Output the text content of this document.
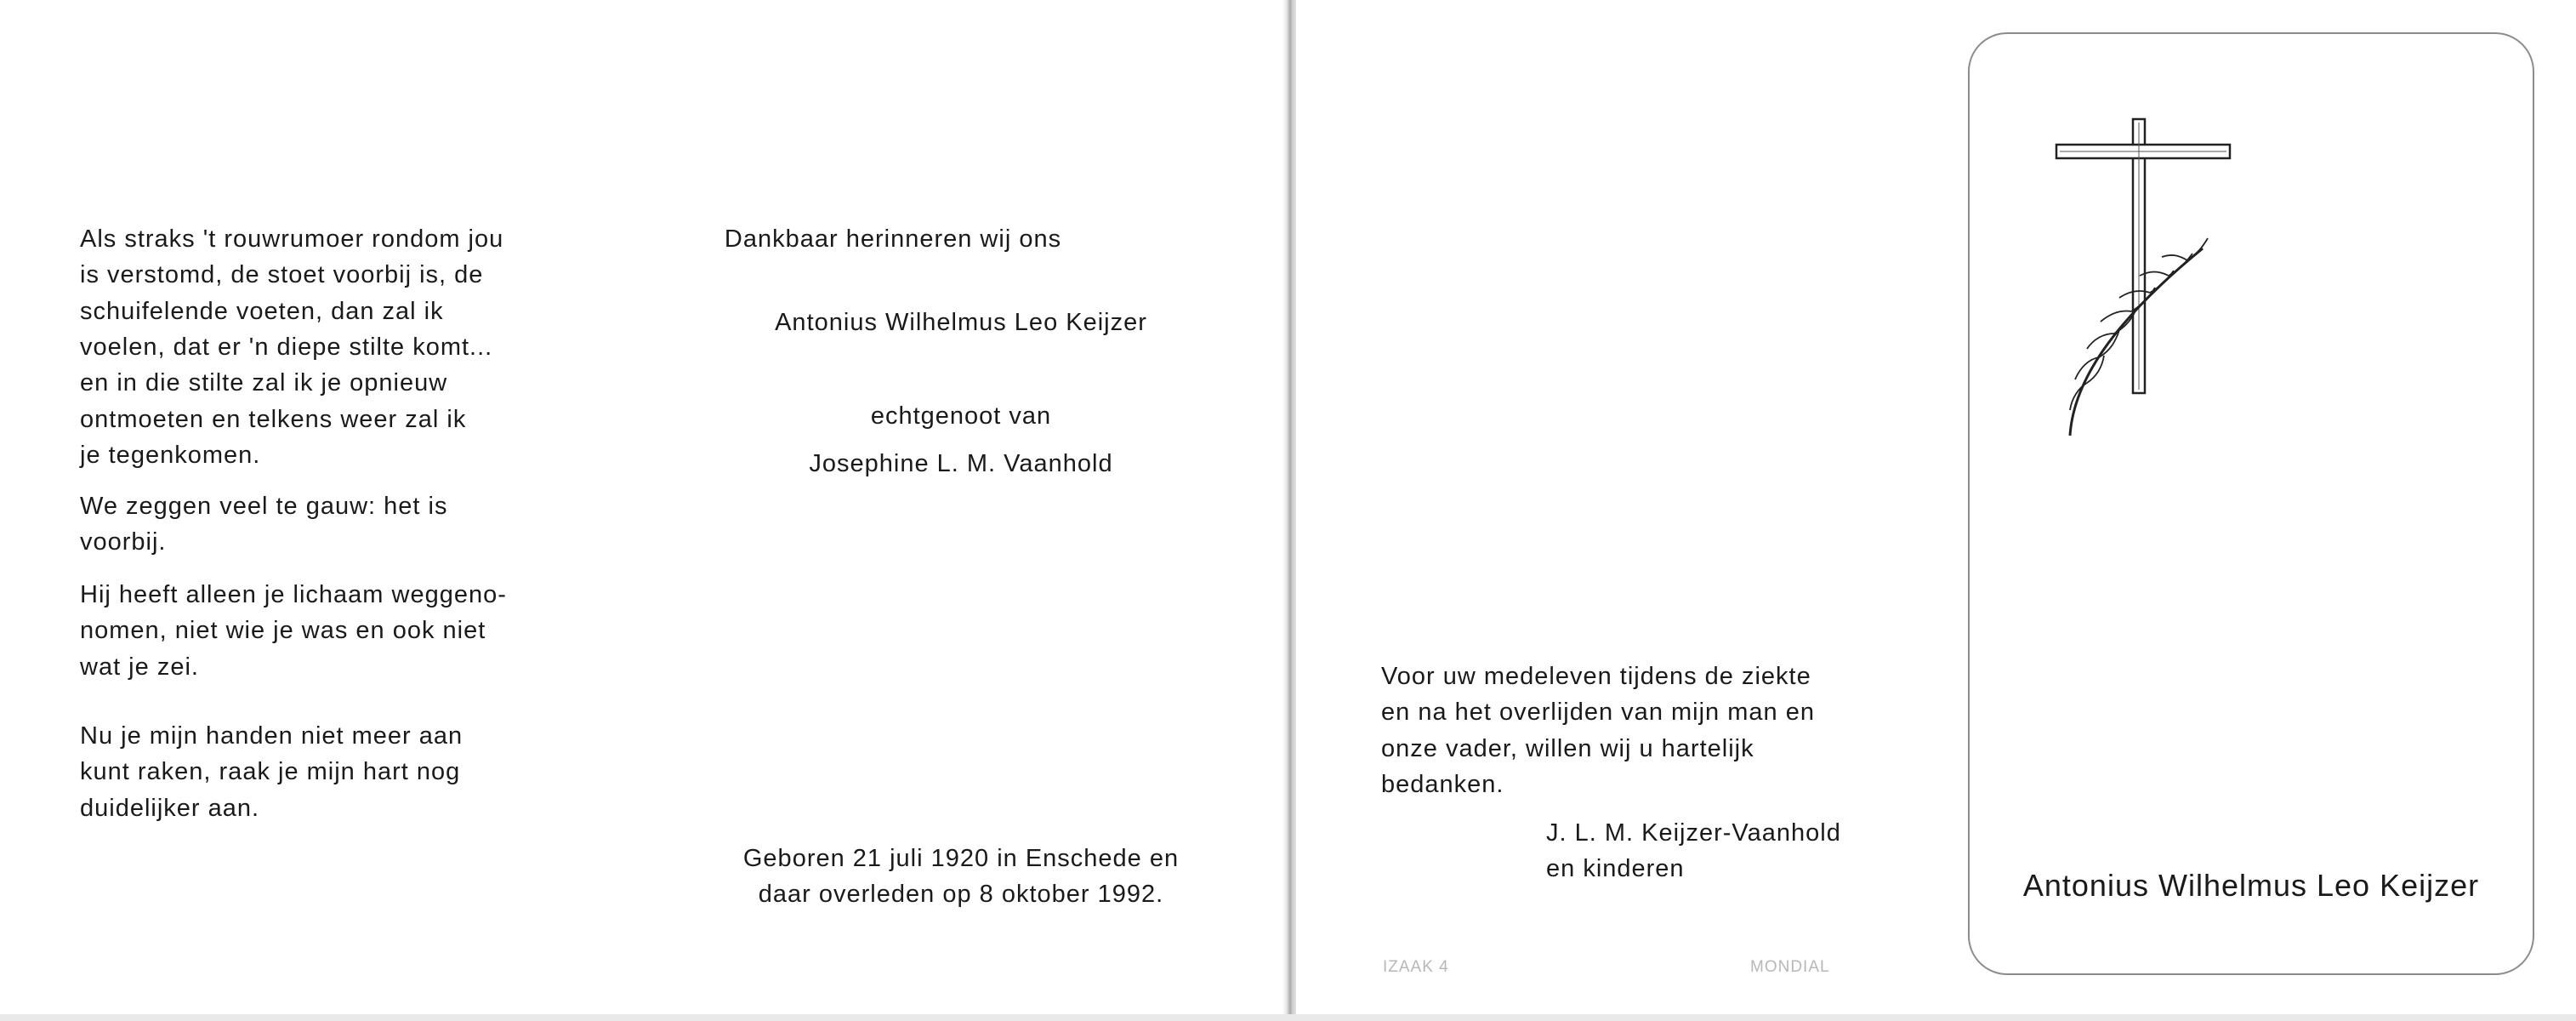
Als straks 't rouwrumoer rondom jou
is verstomd, de stoet voorbij is, de
schuifelende voeten, dan zal ik
voelen, dat er 'n diepe stilte komt...
en in die stilte zal ik je opnieuw
ontmoeten en telkens weer zal ik
je tegenkomen.
We zeggen veel te gauw: het is
voorbij.
Hij heeft alleen je lichaam weggeno-
nomen, niet wie je was en ook niet
wat je zei.
Nu je mijn handen niet meer aan
kunt raken, raak je mijn hart nog
duidelijker aan.
Dankbaar herinneren wij ons
Antonius Wilhelmus Leo Keijzer
echtgenoot van
Josephine L. M. Vaanhold
Geboren 21 juli 1920 in Enschede en
daar overleden op 8 oktober 1992.
Voor uw medeleven tijdens de ziekte
en na het overlijden van mijn man en
onze vader, willen wij u hartelijk
bedanken.
J. L. M. Keijzer-Vaanhold
en kinderen
IZAAK 4	MONDIAL
Antonius Wilhelmus Leo Keijzer
